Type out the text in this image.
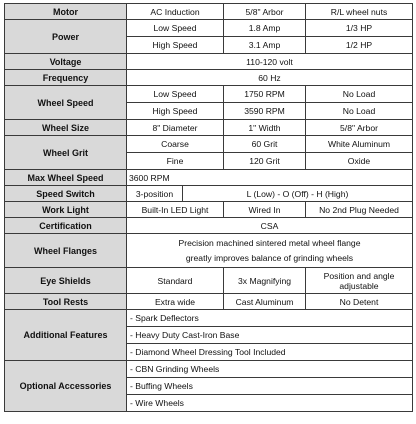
Motor	AC Induction		5/8" Arbor	R/L wheel nuts
Power	Low Speed		1.8 Amp	1/3 HP
	High Speed		3.1 Amp	1/2 HP
Voltage	110-120 volt			
Frequency	60 Hz			
Wheel Speed	Low Speed		1750 RPM	No Load
	High Speed		3590 RPM	No Load
Wheel Size	8" Diameter		1" Width	5/8" Arbor
Wheel Grit	Coarse		60 Grit	White Aluminum
	Fine		120 Grit	Oxide
Max Wheel Speed	3600 RPM			
Speed Switch	3-position	L (Low) - O (Off) - H (High)		
Work Light	Built-In LED Light		Wired In	No 2nd Plug Needed
Certification	CSA			
Wheel Flanges	Precision machined sintered metal wheel flange
greatly improves balance of grinding wheels			

Eye Shields	Standard		3x Magnifying	Position and angle adjustable
Tool Rests	Extra wide		Cast Aluminum	No Detent
Additional Features	- Spark Deflectors			
	- Heavy Duty Cast-Iron Base			
	- Diamond Wheel Dressing Tool Included			
Optional Accessories	- CBN Grinding Wheels			
	- Buffing Wheels			
	- Wire Wheels			
